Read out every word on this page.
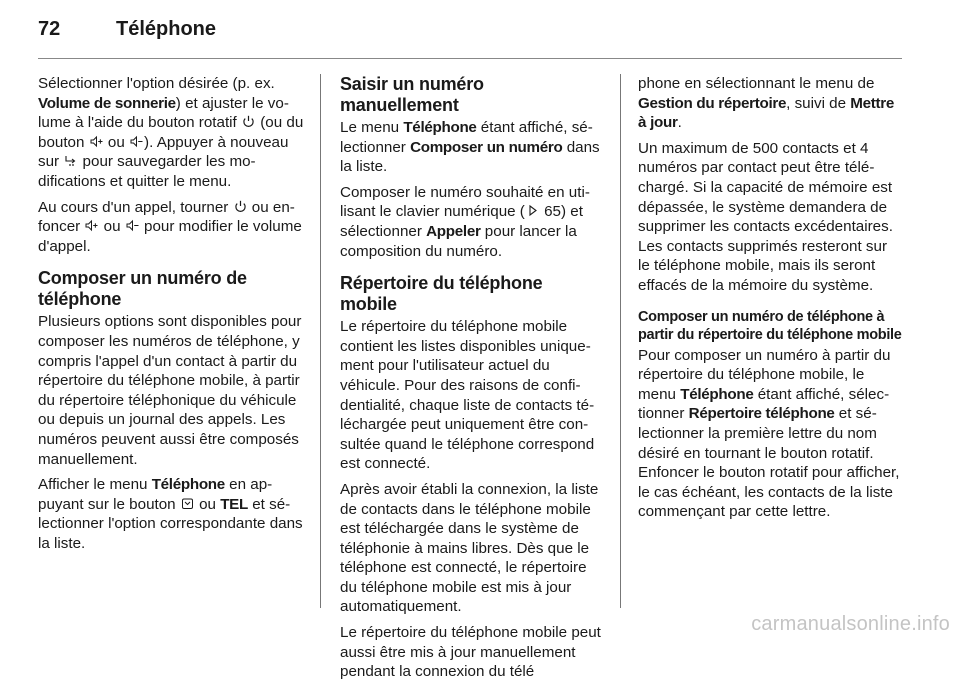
72	Téléphone

Sélectionner l'option désirée (p. ex. Volume de sonnerie) et ajuster le volume à l'aide du bouton rotatif
(ou du bouton
ou
). Appuyer à nouveau sur
pour sauvegarder les modifications et quitter le menu.

Au cours d'un appel, tourner
ou enfoncer
ou
pour modifier le volume d'appel.

Composer un numéro de téléphone

Plusieurs options sont disponibles pour composer les numéros de téléphone, y compris l'appel d'un contact à partir du répertoire du téléphone mobile, à partir du répertoire téléphonique du véhicule ou depuis un journal des appels. Les numéros peuvent aussi être composés manuellement.

Afficher le menu Téléphone en appuyant sur le bouton
ou TEL et sélectionner l'option correspondante dans la liste.

Saisir un numéro manuellement

Le menu Téléphone étant affiché, sélectionner Composer un numéro dans la liste.

Composer le numéro souhaité en utilisant le clavier numérique (
65) et sélectionner Appeler pour lancer la composition du numéro.

Répertoire du téléphone mobile

Le répertoire du téléphone mobile contient les listes disponibles uniquement pour l'utilisateur actuel du véhicule. Pour des raisons de confidentialité, chaque liste de contacts téléchargée peut uniquement être consultée quand le téléphone correspond est connecté.

Après avoir établi la connexion, la liste de contacts dans le téléphone mobile est téléchargée dans le système de téléphonie à mains libres. Dès que le téléphone est connecté, le répertoire du téléphone mobile est mis à jour automatiquement.

Le répertoire du téléphone mobile peut aussi être mis à jour manuellement pendant la connexion du télé

phone en sélectionnant le menu de Gestion du répertoire, suivi de Mettre à jour.

Un maximum de 500 contacts et 4 numéros par contact peut être téléchargé. Si la capacité de mémoire est dépassée, le système demandera de supprimer les contacts excédentaires. Les contacts supprimés resteront sur le téléphone mobile, mais ils seront effacés de la mémoire du système.

Composer un numéro de téléphone à partir du répertoire du téléphone mobile

Pour composer un numéro à partir du répertoire du téléphone mobile, le menu Téléphone étant affiché, sélectionner Répertoire téléphone et sélectionner la première lettre du nom désiré en tournant le bouton rotatif. Enfoncer le bouton rotatif pour afficher, le cas échéant, les contacts de la liste commençant par cette lettre.

carmanualsonline.info
